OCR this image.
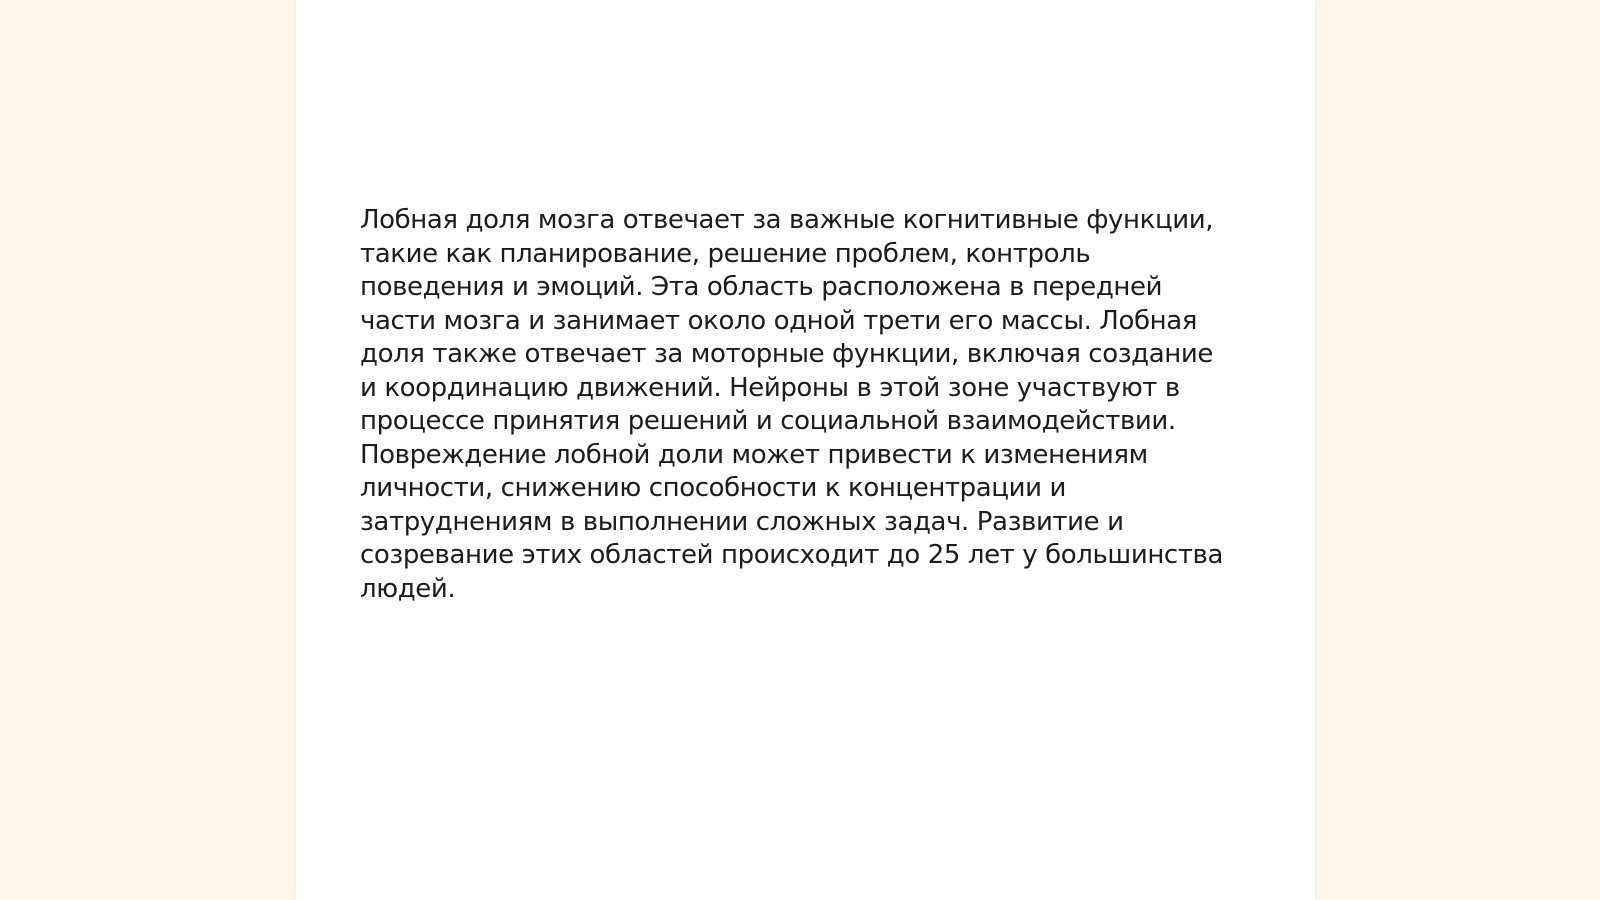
Лобная доля мозга отвечает за важные когнитивные функции,
такие как планирование, решение проблем, контроль
поведения и эмоций. Эта область расположена в передней
части мозга и занимает около одной трети его массы. Лобная
доля также отвечает за моторные функции, включая создание
и координацию движений. Нейроны в этой зоне участвуют в
процессе принятия решений и социальной взаимодействии.
Повреждение лобной доли может привести к изменениям
личности, снижению способности к концентрации и
затруднениям в выполнении сложных задач. Развитие и
созревание этих областей происходит до 25 лет у большинства
людей.
